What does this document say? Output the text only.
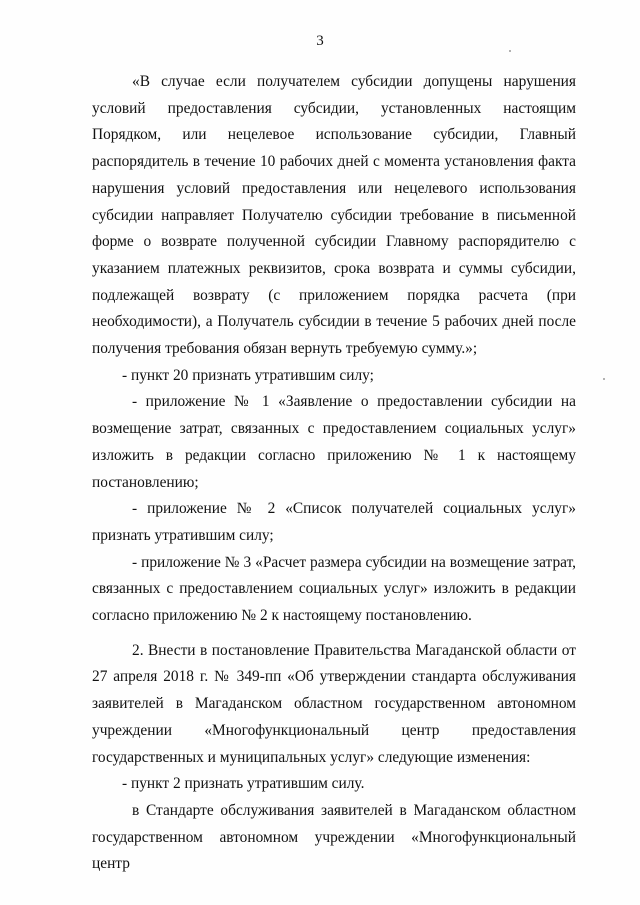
3

«В случае если получателем субсидии допущены нарушения условий предоставления субсидии, установленных настоящим Порядком, или нецелевое использование субсидии, Главный распорядитель в течение 10 рабочих дней с момента установления факта нарушения условий предоставления или нецелевого использования субсидии направляет Получателю субсидии требование в письменной форме о возврате полученной субсидии Главному распорядителю с указанием платежных реквизитов, срока возврата и суммы субсидии, подлежащей возврату (с приложением порядка расчета (при необходимости), а Получатель субсидии в течение 5 рабочих дней после получения требования обязан вернуть требуемую сумму.»;

- пункт 20 признать утратившим силу;

- приложение № 1 «Заявление о предоставлении субсидии на возмещение затрат, связанных с предоставлением социальных услуг» изложить в редакции согласно приложению № 1 к настоящему постановлению;

- приложение № 2 «Список получателей социальных услуг» признать утратившим силу;

- приложение № 3 «Расчет размера субсидии на возмещение затрат, связанных с предоставлением социальных услуг» изложить в редакции согласно приложению № 2 к настоящему постановлению.

2. Внести в постановление Правительства Магаданской области от 27 апреля 2018 г. № 349-пп «Об утверждении стандарта обслуживания заявителей в Магаданском областном государственном автономном учреждении «Многофункциональный центр предоставления государственных и муниципальных услуг» следующие изменения:

- пункт 2 признать утратившим силу.

в Стандарте обслуживания заявителей в Магаданском областном государственном автономном учреждении «Многофункциональный центр
